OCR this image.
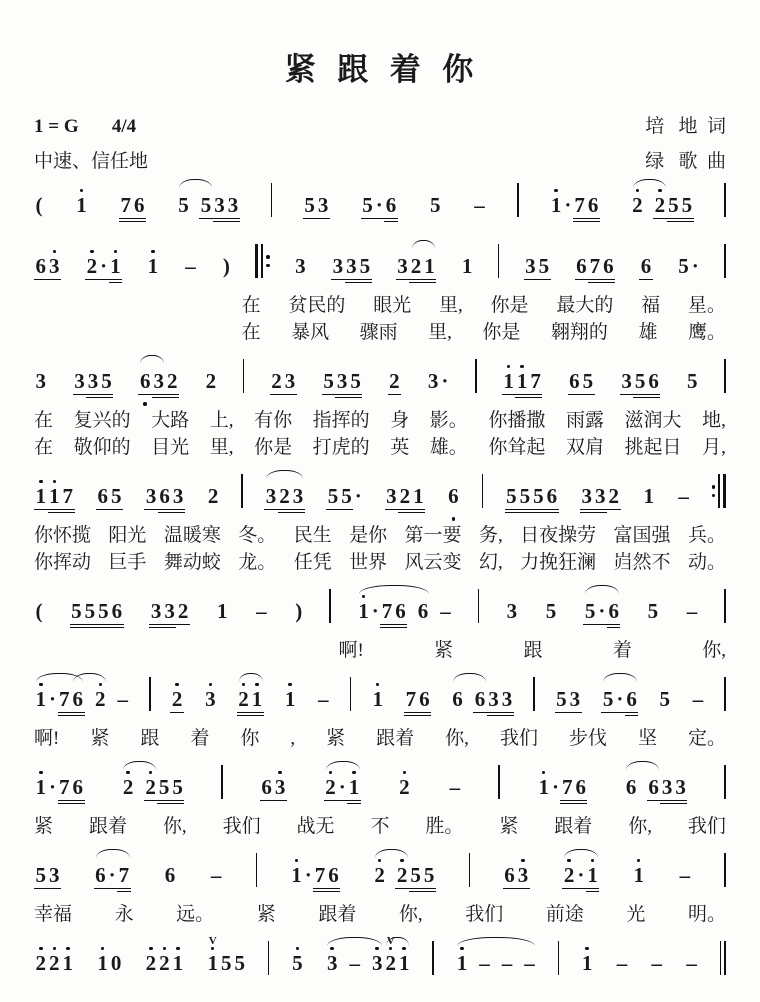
紧  跟  着  你
1 = G 4/4	培   地  词
中速、信任地	绿   歌  曲
( 1 7 6 5
5 3 3	5 3 5 · 6 5 –	1 · 7 6 2
2 5 5
6 3 2 · 1 1 – )	3 3 3 5 3 2 1 1	3 5 6 7 6 6 5 ·
在 贫民的 眼光 里, 你是 最大的 福 星。
在 暴风 骤雨 里, 你是 翱翔的 雄 鹰。
3 3 3 5 6 3 2 2	2 3 5 3 5 2 3 ·	1 1 7 6 5 3 5 6 5
在 复兴的 大路 上, 有你 指挥的 身 影。 你播撒 雨露 滋润大 地,
在 敬仰的 目光 里, 你是 打虎的 英 雄。 你耸起 双肩 挑起日 月,
1 1 7 6 5 3 6 3 2 3 2 3 5 5 · 3 2 1 6 5 5 5 6 3 3 2 1 –
你怀揽 阳光 温暖寒 冬。 民生 是你 第一要 务, 日夜操劳 富国强 兵。
你挥动 巨手 舞动蛟 龙。 任凭 世界 风云变 幻, 力挽狂澜 岿然不 动。
( 5 5 5 6 3 3 2 1 – )	1 · 7 6
6
–	3 5 5 · 6 5 –
啊!	紧	跟	着	你,
1 · 7 6
2
– 2 3 2 1 1 – 1 7 6 6
6 3 3 5 3 5 · 6 5 –
啊! 紧 跟 着 你 , 紧 跟着 你, 我们 步伐 坚 定。
1 · 7 6 2
2 5 5	6 3 2 · 1 2 –	1 · 7 6 6
6 3 3
紧 跟着 你, 我们 战无 不 胜。 紧 跟着 你, 我们
5 3 6 · 7 6 –	1 · 7 6 2
2 5 5	6 3 2 · 1 1 –
幸福 永 远。 紧 跟着 你, 我们 前途 光 明。
2 2 1 1 0 2 2 1
V
1 5 5 5 3
–
3
V
2 1 1
–
–
– 1 – – –
